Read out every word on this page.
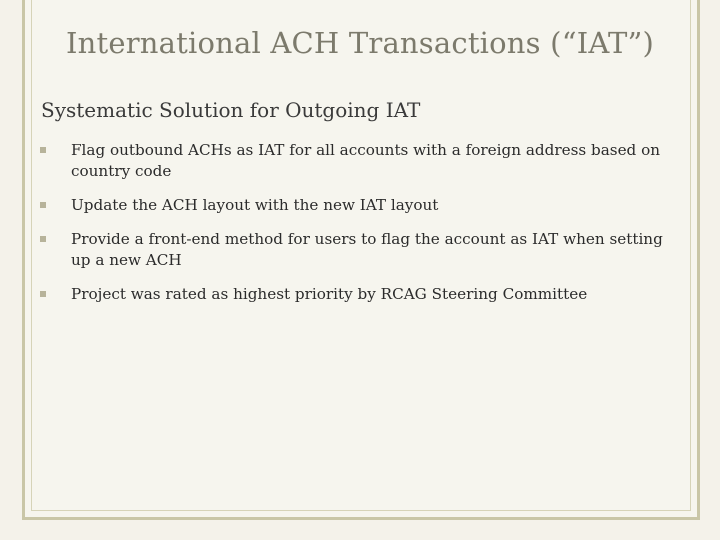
International ACH Transactions (“IAT”)
Systematic Solution for Outgoing IAT
Flag outbound ACHs as IAT for all accounts with a foreign address based on country code
Update the ACH layout with the new IAT layout
Provide a front-end method for users to flag the account as IAT when setting up a new ACH
Project was rated as highest priority by RCAG Steering Committee
